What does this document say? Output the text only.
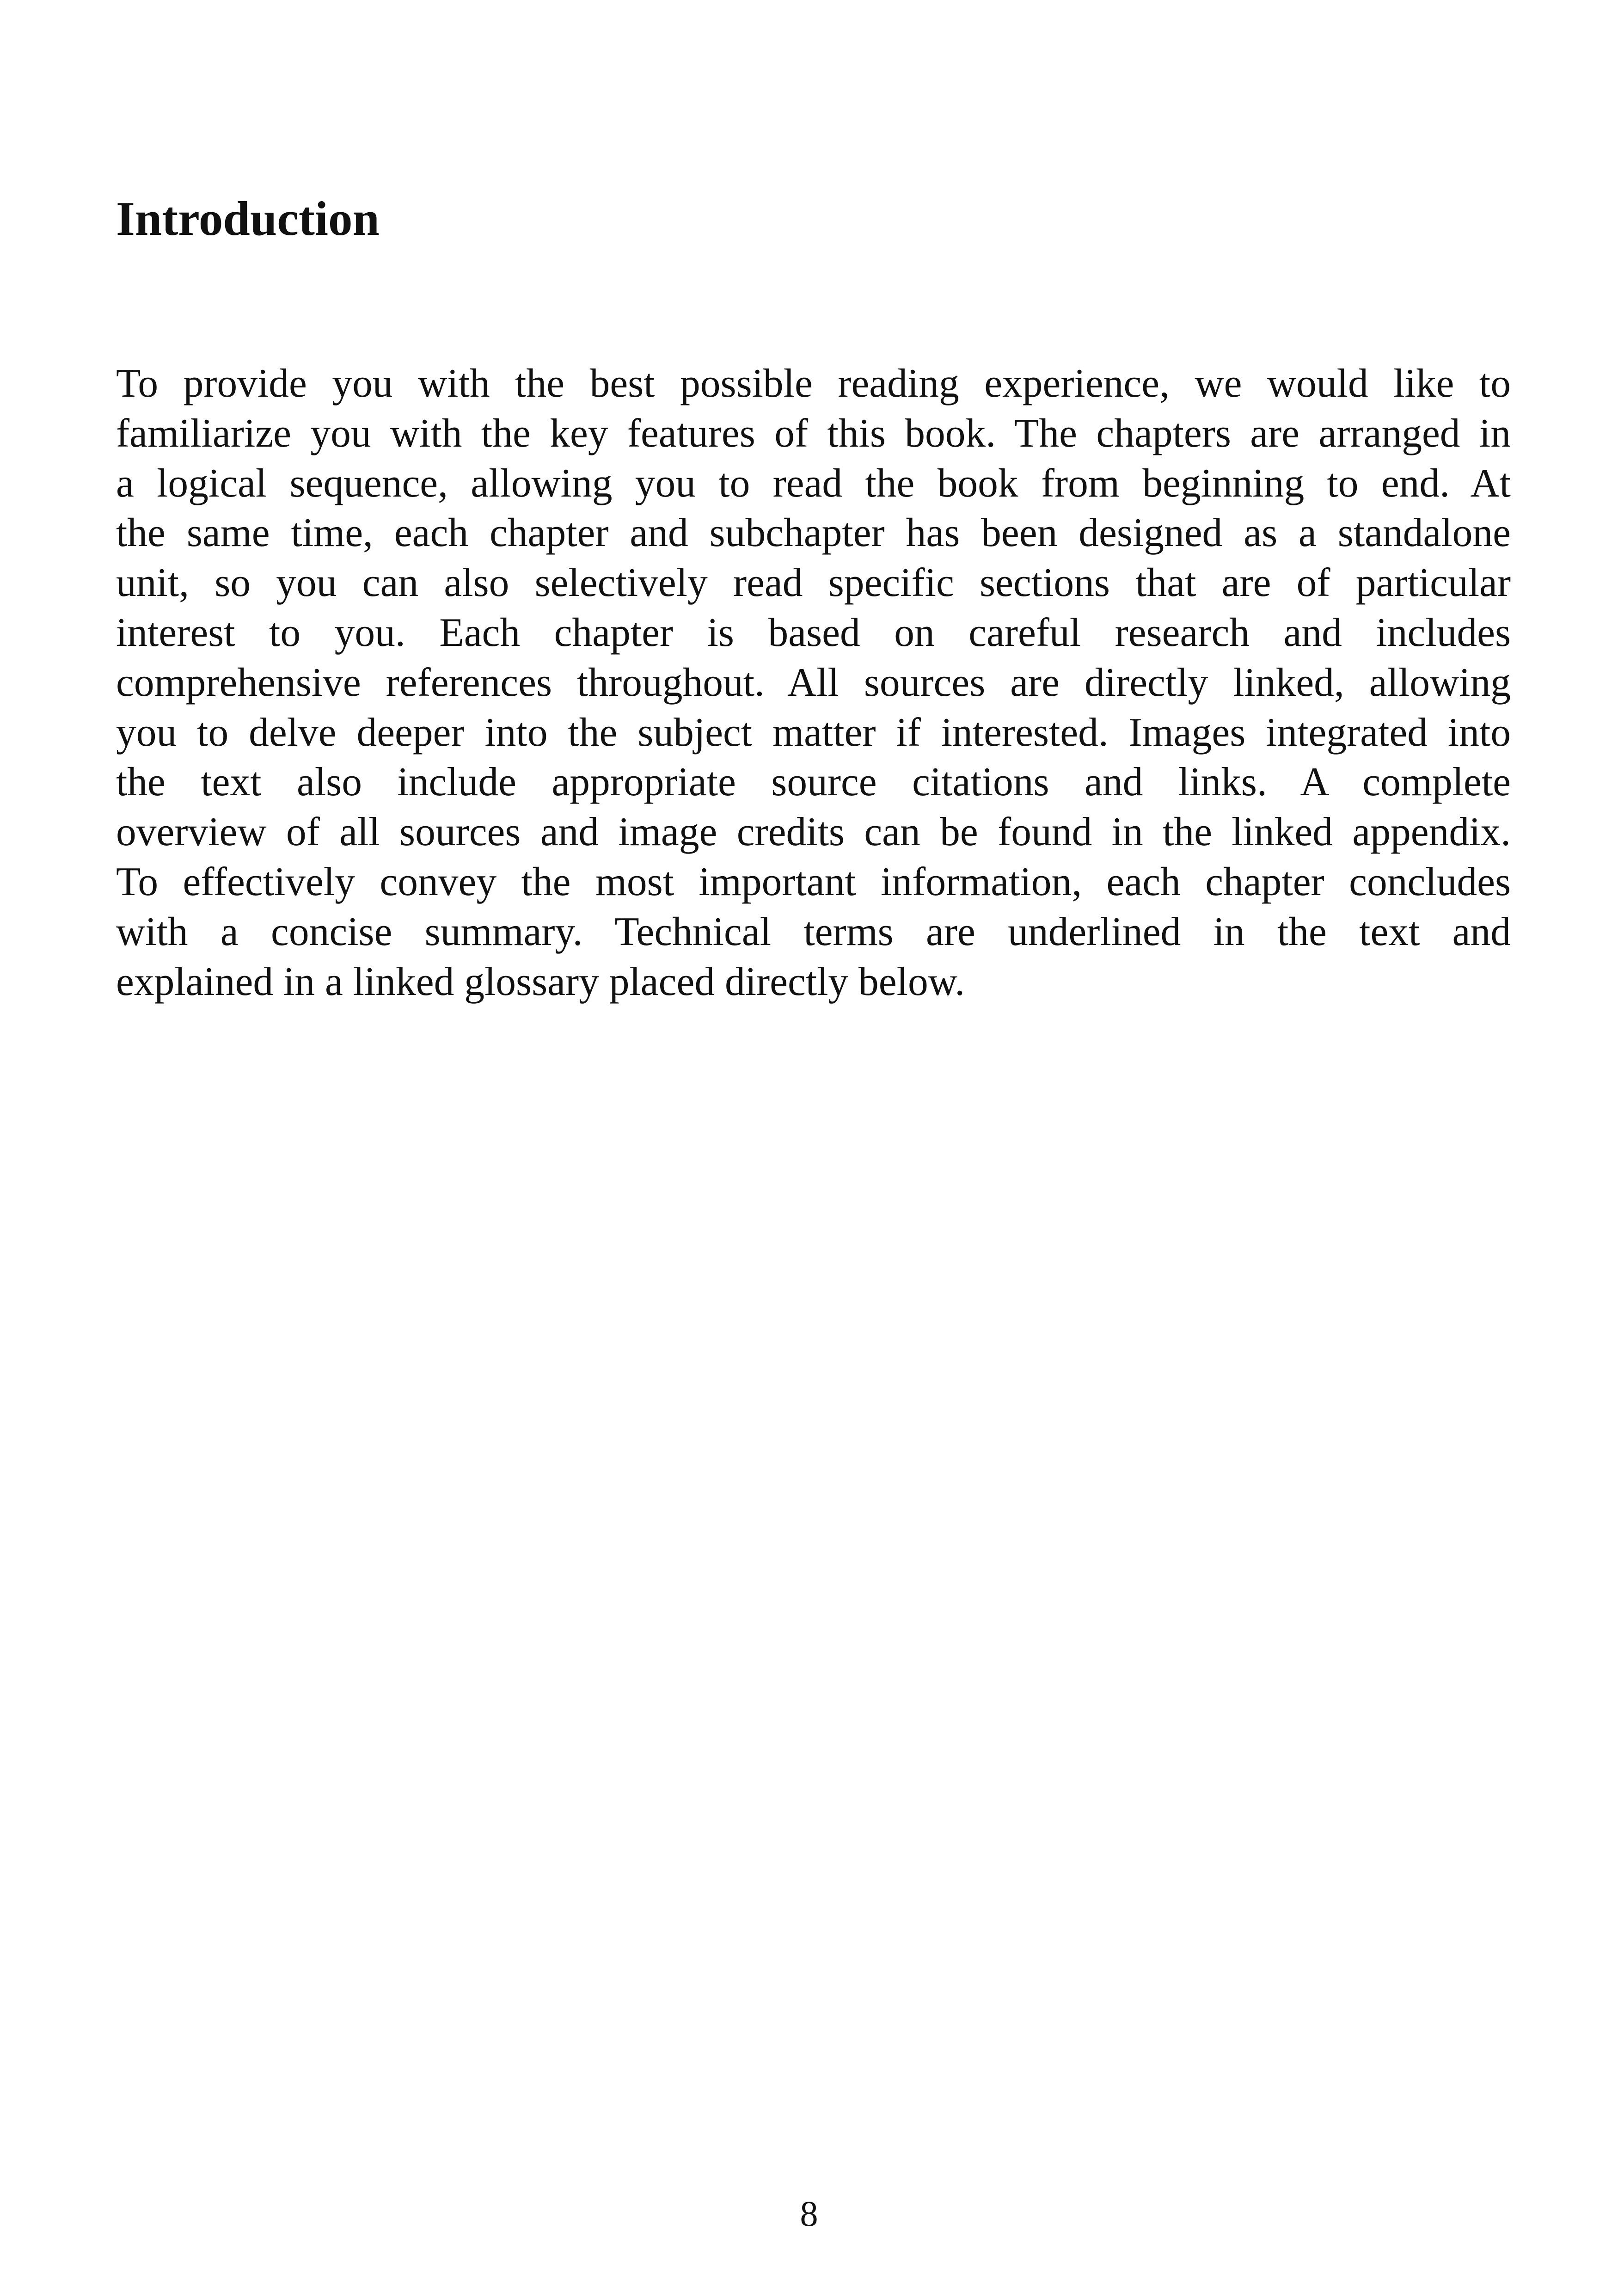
Introduction
To provide you with the best possible reading experience, we would like to
familiarize you with the key features of this book. The chapters are arranged in
a logical sequence, allowing you to read the book from beginning to end. At
the same time, each chapter and subchapter has been designed as a standalone
unit, so you can also selectively read specific sections that are of particular
interest to you. Each chapter is based on careful research and includes
comprehensive references throughout. All sources are directly linked, allowing
you to delve deeper into the subject matter if interested. Images integrated into
the text also include appropriate source citations and links. A complete
overview of all sources and image credits can be found in the linked appendix.
To effectively convey the most important information, each chapter concludes
with a concise summary. Technical terms are underlined in the text and
explained in a linked glossary placed directly below.
8
